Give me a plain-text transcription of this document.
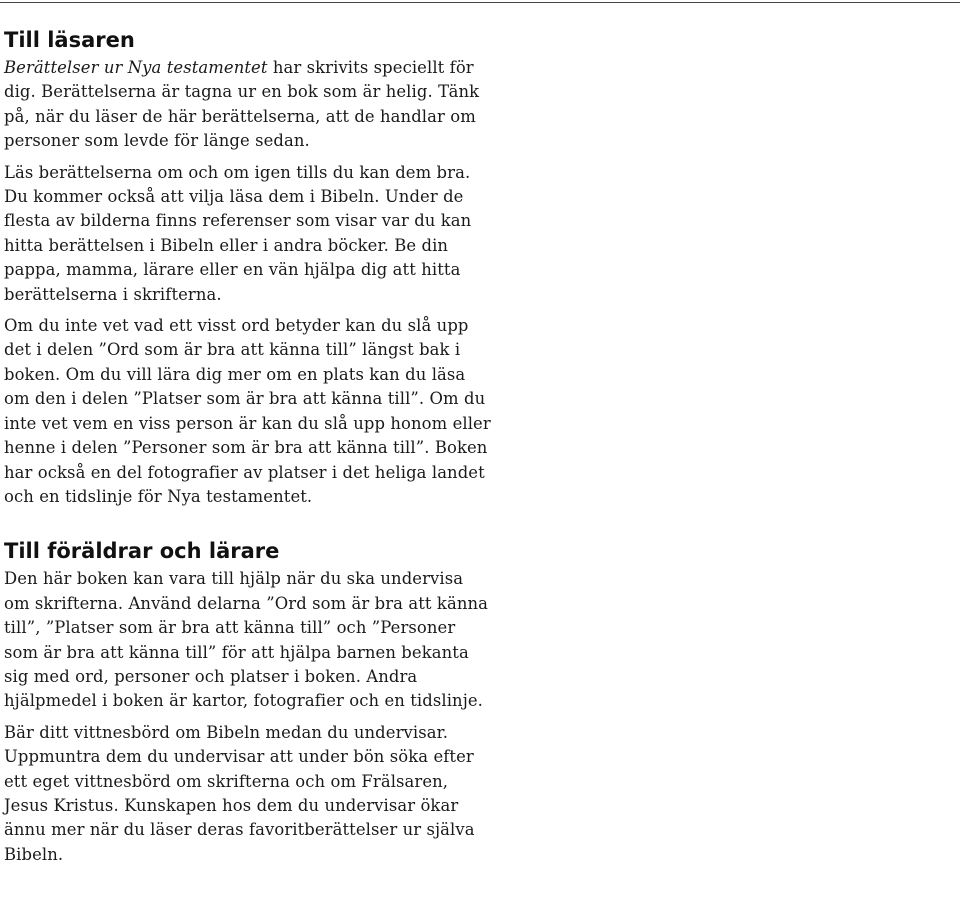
Till läsaren

Berättelser ur Nya testamentet har skrivits speciellt för dig. Berättelserna är tagna ur en bok som är helig. Tänk på, när du läser de här berättelserna, att de handlar om personer som levde för länge sedan.

Läs berättelserna om och om igen tills du kan dem bra. Du kommer också att vilja läsa dem i Bibeln. Under de flesta av bilderna finns referenser som visar var du kan hitta berättelsen i Bibeln eller i andra böcker. Be din pappa, mamma, lärare eller en vän hjälpa dig att hitta berättelserna i skrifterna.

Om du inte vet vad ett visst ord betyder kan du slå upp det i delen ”Ord som är bra att känna till” längst bak i boken. Om du vill lära dig mer om en plats kan du läsa om den i delen ”Platser som är bra att känna till”. Om du inte vet vem en viss person är kan du slå upp honom eller henne i delen ”Personer som är bra att känna till”. Boken har också en del fotografier av platser i det heliga landet och en tidslinje för Nya testamentet.

Till föräldrar och lärare

Den här boken kan vara till hjälp när du ska undervisa om skrifterna. Använd delarna ”Ord som är bra att känna till”, ”Platser som är bra att känna till” och ”Personer som är bra att känna till” för att hjälpa barnen bekanta sig med ord, personer och platser i boken. Andra hjälpmedel i boken är kartor, fotografier och en tidslinje.

Bär ditt vittnesbörd om Bibeln medan du undervisar. Uppmuntra dem du undervisar att under bön söka efter ett eget vittnesbörd om skrifterna och om Frälsaren, Jesus Kristus. Kunskapen hos dem du undervisar ökar ännu mer när du läser deras favoritberättelser ur själva Bibeln.
